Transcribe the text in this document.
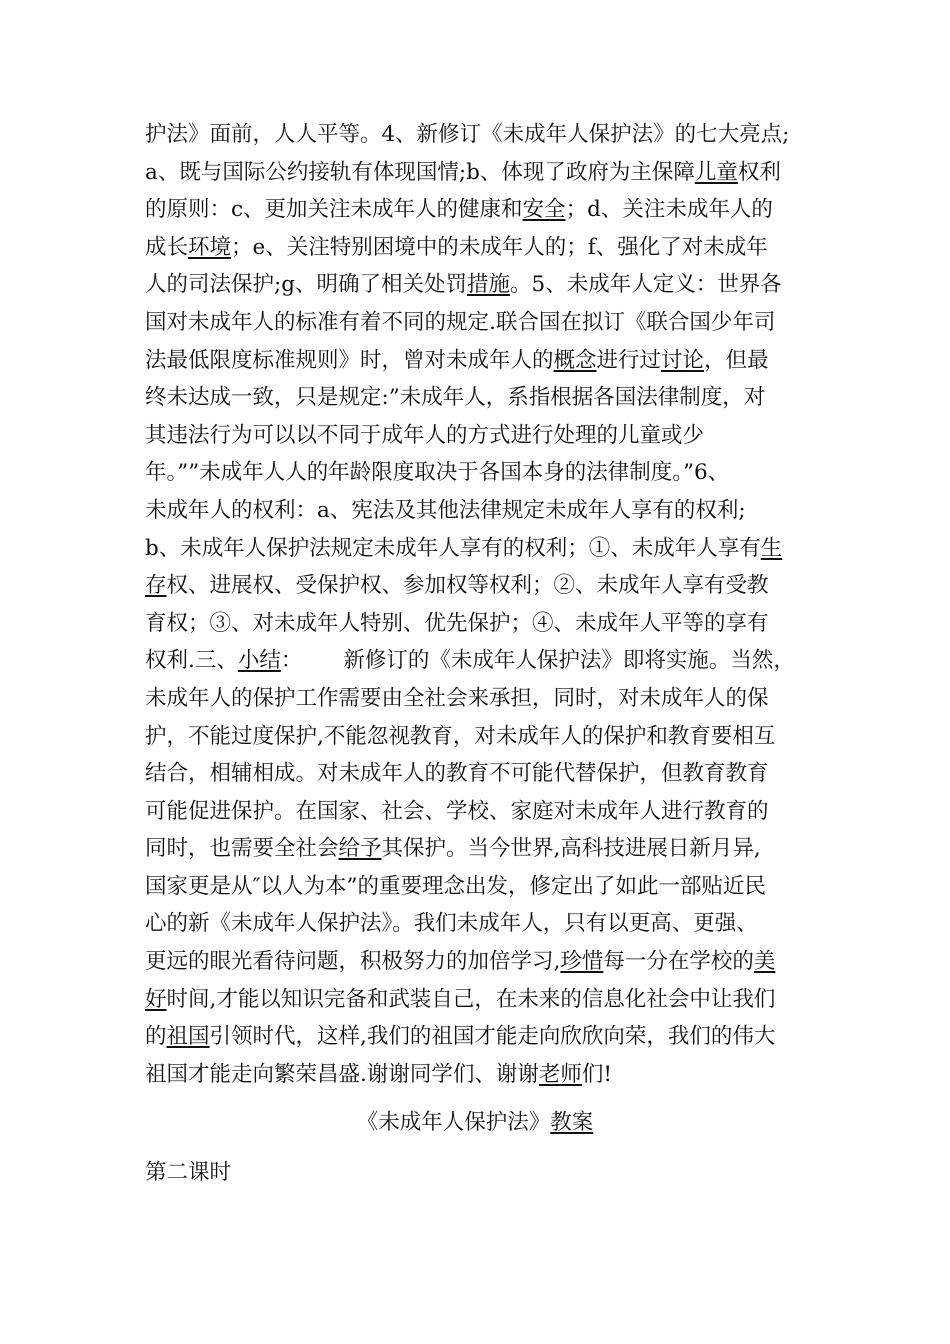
护法》面前，人人平等。4、新修订《未成年人保护法》的七大亮点;
a、既与国际公约接轨有体现国情;b、体现了政府为主保障儿童权利
的原则：c、更加关注未成年人的健康和安全；d、关注未成年人的
成长环境；e、关注特别困境中的未成年人的；f、强化了对未成年
人的司法保护;g、明确了相关处罚措施。5、未成年人定义：世界各
国对未成年人的标准有着不同的规定.联合国在拟订《联合国少年司
法最低限度标准规则》时，曾对未成年人的概念进行过讨论，但最
终未达成一致，只是规定:”未成年人，系指根据各国法律制度，对
其违法行为可以以不同于成年人的方式进行处理的儿童或少
年。””未成年人人的年龄限度取决于各国本身的法律制度。”6、
未成年人的权利：a、宪法及其他法律规定未成年人享有的权利;
b、未成年人保护法规定未成年人享有的权利；①、未成年人享有生
存权、进展权、受保护权、参加权等权利；②、未成年人享有受教
育权；③、对未成年人特别、优先保护；④、未成年人平等的享有
权利.三、小结：      新修订的《未成年人保护法》即将实施。当然，
未成年人的保护工作需要由全社会来承担，同时，对未成年人的保
护，不能过度保护,不能忽视教育，对未成年人的保护和教育要相互
结合，相辅相成。对未成年人的教育不可能代替保护，但教育教育
可能促进保护。在国家、社会、学校、家庭对未成年人进行教育的
同时，也需要全社会给予其保护。当今世界,高科技进展日新月异,
国家更是从″以人为本”的重要理念出发，修定出了如此一部贴近民
心的新《未成年人保护法》。我们未成年人，只有以更高、更强、
更远的眼光看待问题，积极努力的加倍学习,珍惜每一分在学校的美
好时间,才能以知识完备和武装自己，在未来的信息化社会中让我们
的祖国引领时代，这样,我们的祖国才能走向欣欣向荣，我们的伟大
祖国才能走向繁荣昌盛.谢谢同学们、谢谢老师们!
《未成年人保护法》教案
第二课时
